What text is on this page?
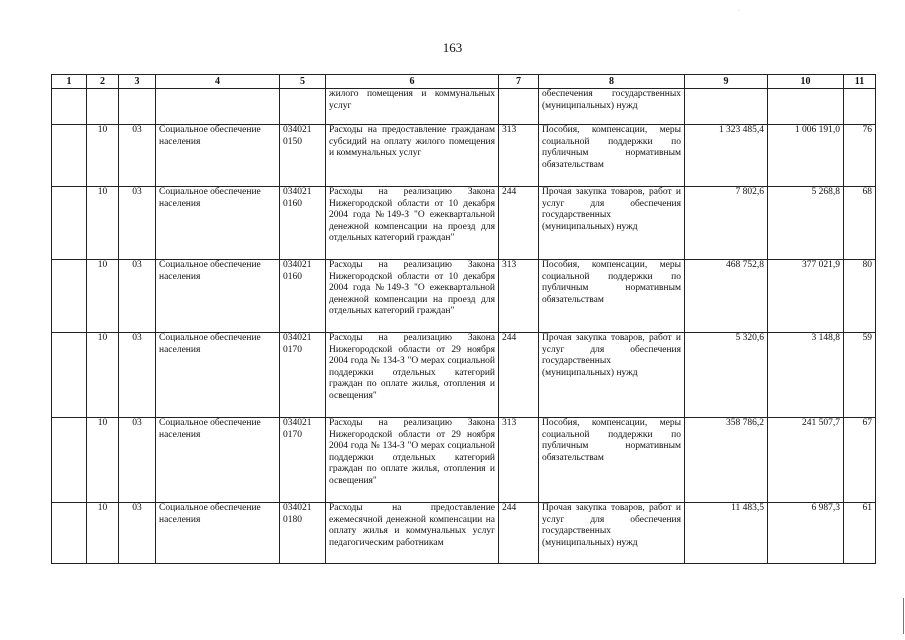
·
163
1	2	3	4	5	6	7	8	9	10	11
					жилого помещения и коммунальных услуг		обеспечения государственных (муниципальных) нужд			
	10	03	Социальное обеспечение населения	034021 0150	Расходы на предоставление гражданам субсидий на оплату жилого помещения и коммунальных услуг	313	Пособия, компенсации, меры социальной поддержки по публичным нормативным обязательствам	1 323 485,4	1 006 191,0	76
	10	03	Социальное обеспечение населения	034021 0160	Расходы на реализацию Закона Нижегородской области от 10 декабря 2004 года №149-З "О ежеквартальной денежной компенсации на проезд для отдельных категорий граждан"	244	Прочая закупка товаров, работ и услуг для обеспечения государственных (муниципальных) нужд	7 802,6	5 268,8	68
	10	03	Социальное обеспечение населения	034021 0160	Расходы на реализацию Закона Нижегородской области от 10 декабря 2004 года №149-З "О ежеквартальной денежной компенсации на проезд для отдельных категорий граждан"	313	Пособия, компенсации, меры социальной поддержки по публичным нормативным обязательствам	468 752,8	377 021,9	80
	10	03	Социальное обеспечение населения	034021 0170	Расходы на реализацию Закона Нижегородской области от 29 ноября 2004 года № 134-З "О мерах социальной поддержки отдельных категорий граждан по оплате жилья, отопления и освещения"	244	Прочая закупка товаров, работ и услуг для обеспечения государственных (муниципальных) нужд	5 320,6	3 148,8	59
	10	03	Социальное обеспечение населения	034021 0170	Расходы на реализацию Закона Нижегородской области от 29 ноября 2004 года № 134-З "О мерах социальной поддержки отдельных категорий граждан по оплате жилья, отопления и освещения"	313	Пособия, компенсации, меры социальной поддержки по публичным нормативным обязательствам	358 786,2	241 507,7	67
	10	03	Социальное обеспечение населения	034021 0180	Расходы на предоставление ежемесячной денежной компенсации на оплату жилья и коммунальных услуг педагогическим работникам	244	Прочая закупка товаров, работ и услуг для обеспечения государственных (муниципальных) нужд	11 483,5	6 987,3	61
